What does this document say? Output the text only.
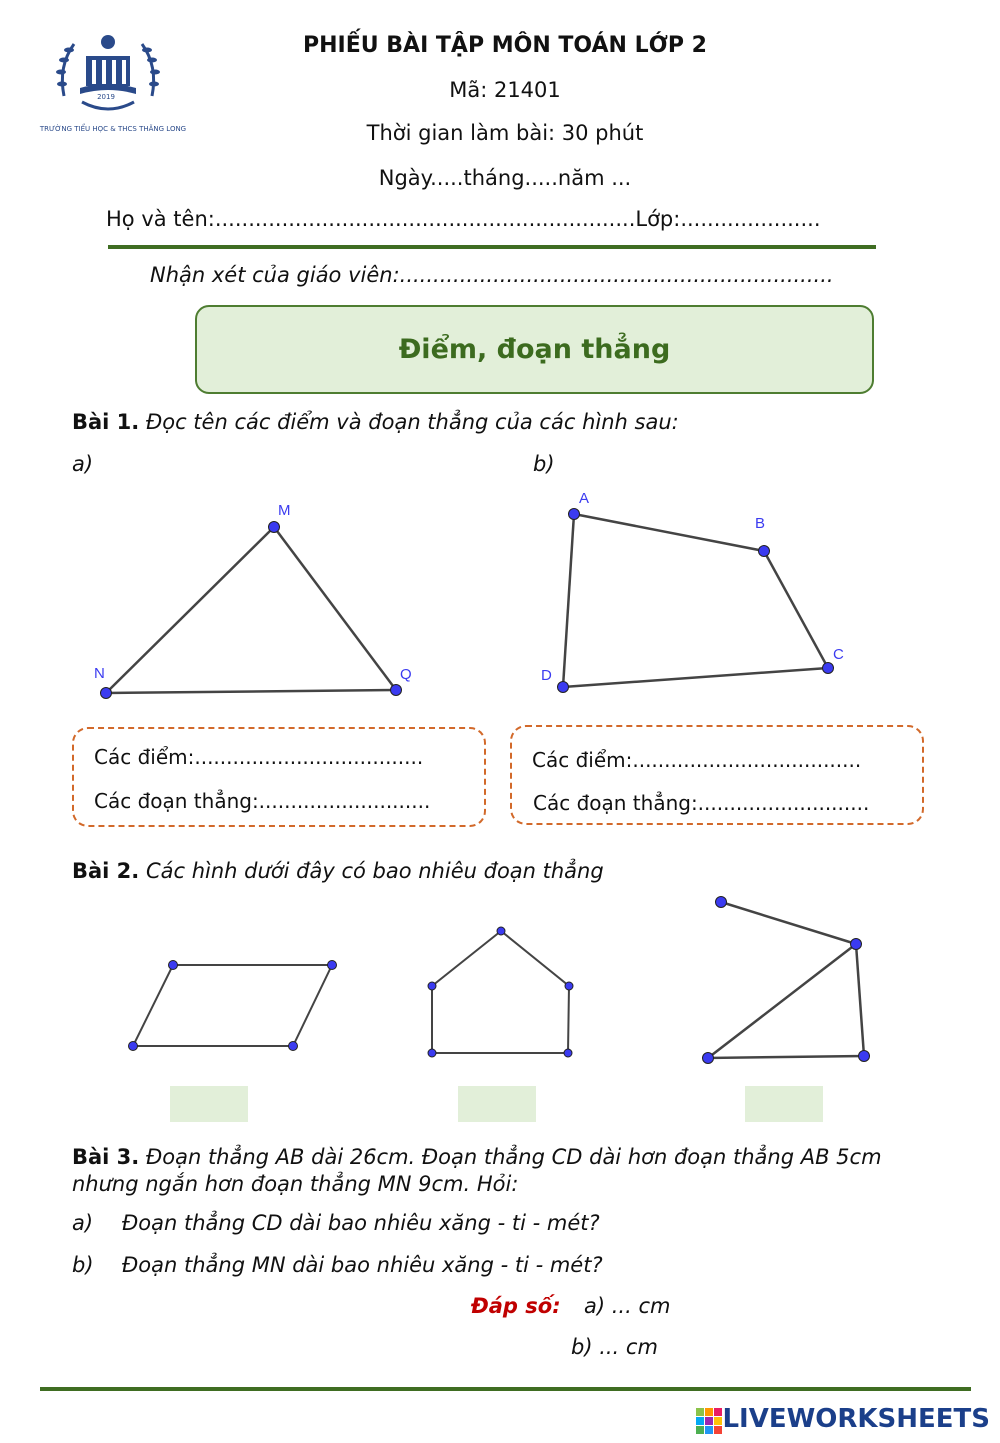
2019
TRƯỜNG TIỂU HỌC & THCS THĂNG LONG
PHIẾU BÀI TẬP MÔN TOÁN LỚP 2
Mã: 21401
Thời gian làm bài: 30 phút
Ngày.....tháng.....năm ...
Họ và tên:...............................................................Lớp:.....................
Nhận xét của giáo viên:.................................................................
Điểm, đoạn thẳng
Bài 1. Đọc tên các điểm và đoạn thẳng của các hình sau:
a)	b)
M
N	Q
A
B
C
D
Các điểm:....................................
Các đoạn thẳng:...........................
Các điểm:....................................
Các đoạn thẳng:...........................
Bài 2. Các hình dưới đây có bao nhiêu đoạn thẳng
Bài 3. Đoạn thẳng AB dài 26cm. Đoạn thẳng CD dài hơn đoạn thẳng AB 5cm
nhưng ngắn hơn đoạn thẳng MN 9cm. Hỏi:
a) Đoạn thẳng CD dài bao nhiêu xăng - ti - mét?
b) Đoạn thẳng MN dài bao nhiêu xăng - ti - mét?
Đáp số: a) ... cm
b) ... cm
LIVEWORKSHEETS
